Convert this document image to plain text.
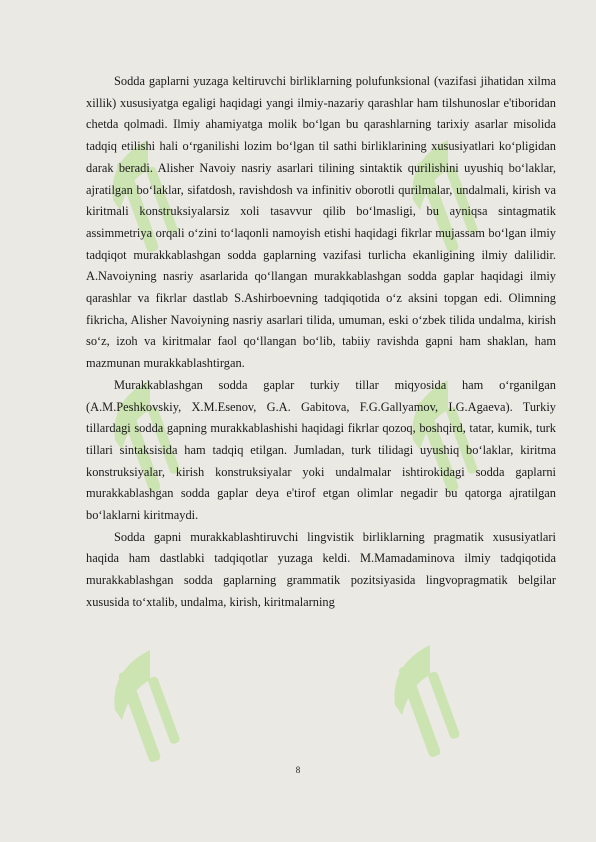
Sodda gaplarni yuzaga keltiruvchi birliklarning polufunksional (vazifasi jihatidan xilma xillik) xususiyatga egaligi haqidagi yangi ilmiy-nazariy qarashlar ham tilshunoslar e'tiboridan chetda qolmadi. Ilmiy ahamiyatga molik bo‘lgan bu qarashlarning tarixiy asarlar misolida tadqiq etilishi hali o‘rganilishi lozim bo‘lgan til sathi birliklarining xususiyatlari ko‘pligidan darak beradi. Alisher Navoiy nasriy asarlari tilining sintaktik qurilishini uyushiq bo‘laklar, ajratilgan bo‘laklar, sifatdosh, ravishdosh va infinitiv oborotli qurilmalar, undalmali, kirish va kiritmali konstruksiyalarsiz xoli tasavvur qilib bo‘lmasligi, bu ayniqsa sintagmatik assimmetriya orqali o‘zini to‘laqonli namoyish etishi haqidagi fikrlar mujassam bo‘lgan ilmiy tadqiqot murakkablashgan sodda gaplarning vazifasi turlicha ekanligining ilmiy dalilidir. A.Navoiyning nasriy asarlarida qo‘llangan murakkablashgan sodda gaplar haqidagi ilmiy qarashlar va fikrlar dastlab S.Ashirboevning tadqiqotida o‘z aksini topgan edi. Olimning fikricha, Alisher Navoiyning nasriy asarlari tilida, umuman, eski o‘zbek tilida undalma, kirish so‘z, izoh va kiritmalar faol qo‘llangan bo‘lib, tabiiy ravishda gapni ham shaklan, ham mazmunan murakkablashtirgan.

Murakkablashgan sodda gaplar turkiy tillar miqyosida ham o‘rganilgan (A.M.Peshkovskiy, X.M.Esenov, G.A. Gabitova, F.G.Gallyamov, I.G.Agaeva). Turkiy tillardagi sodda gapning murakkablashishi haqidagi fikrlar qozoq, boshqird, tatar, kumik, turk tillari sintaksisida ham tadqiq etilgan. Jumladan, turk tilidagi uyushiq bo‘laklar, kiritma konstruksiyalar, kirish konstruksiyalar yoki undalmalar ishtirokidagi sodda gaplarni murakkablashgan sodda gaplar deya e'tirof etgan olimlar negadir bu qatorga ajratilgan bo‘laklarni kiritmaydi.

Sodda gapni murakkablashtiruvchi lingvistik birliklarning pragmatik xususiyatlari haqida ham dastlabki tadqiqotlar yuzaga keldi. M.Mamadaminova ilmiy tadqiqotida murakkablashgan sodda gaplarning grammatik pozitsiyasida lingvopragmatik belgilar xususida to‘xtalib, undalma, kirish, kiritmalarning

8
